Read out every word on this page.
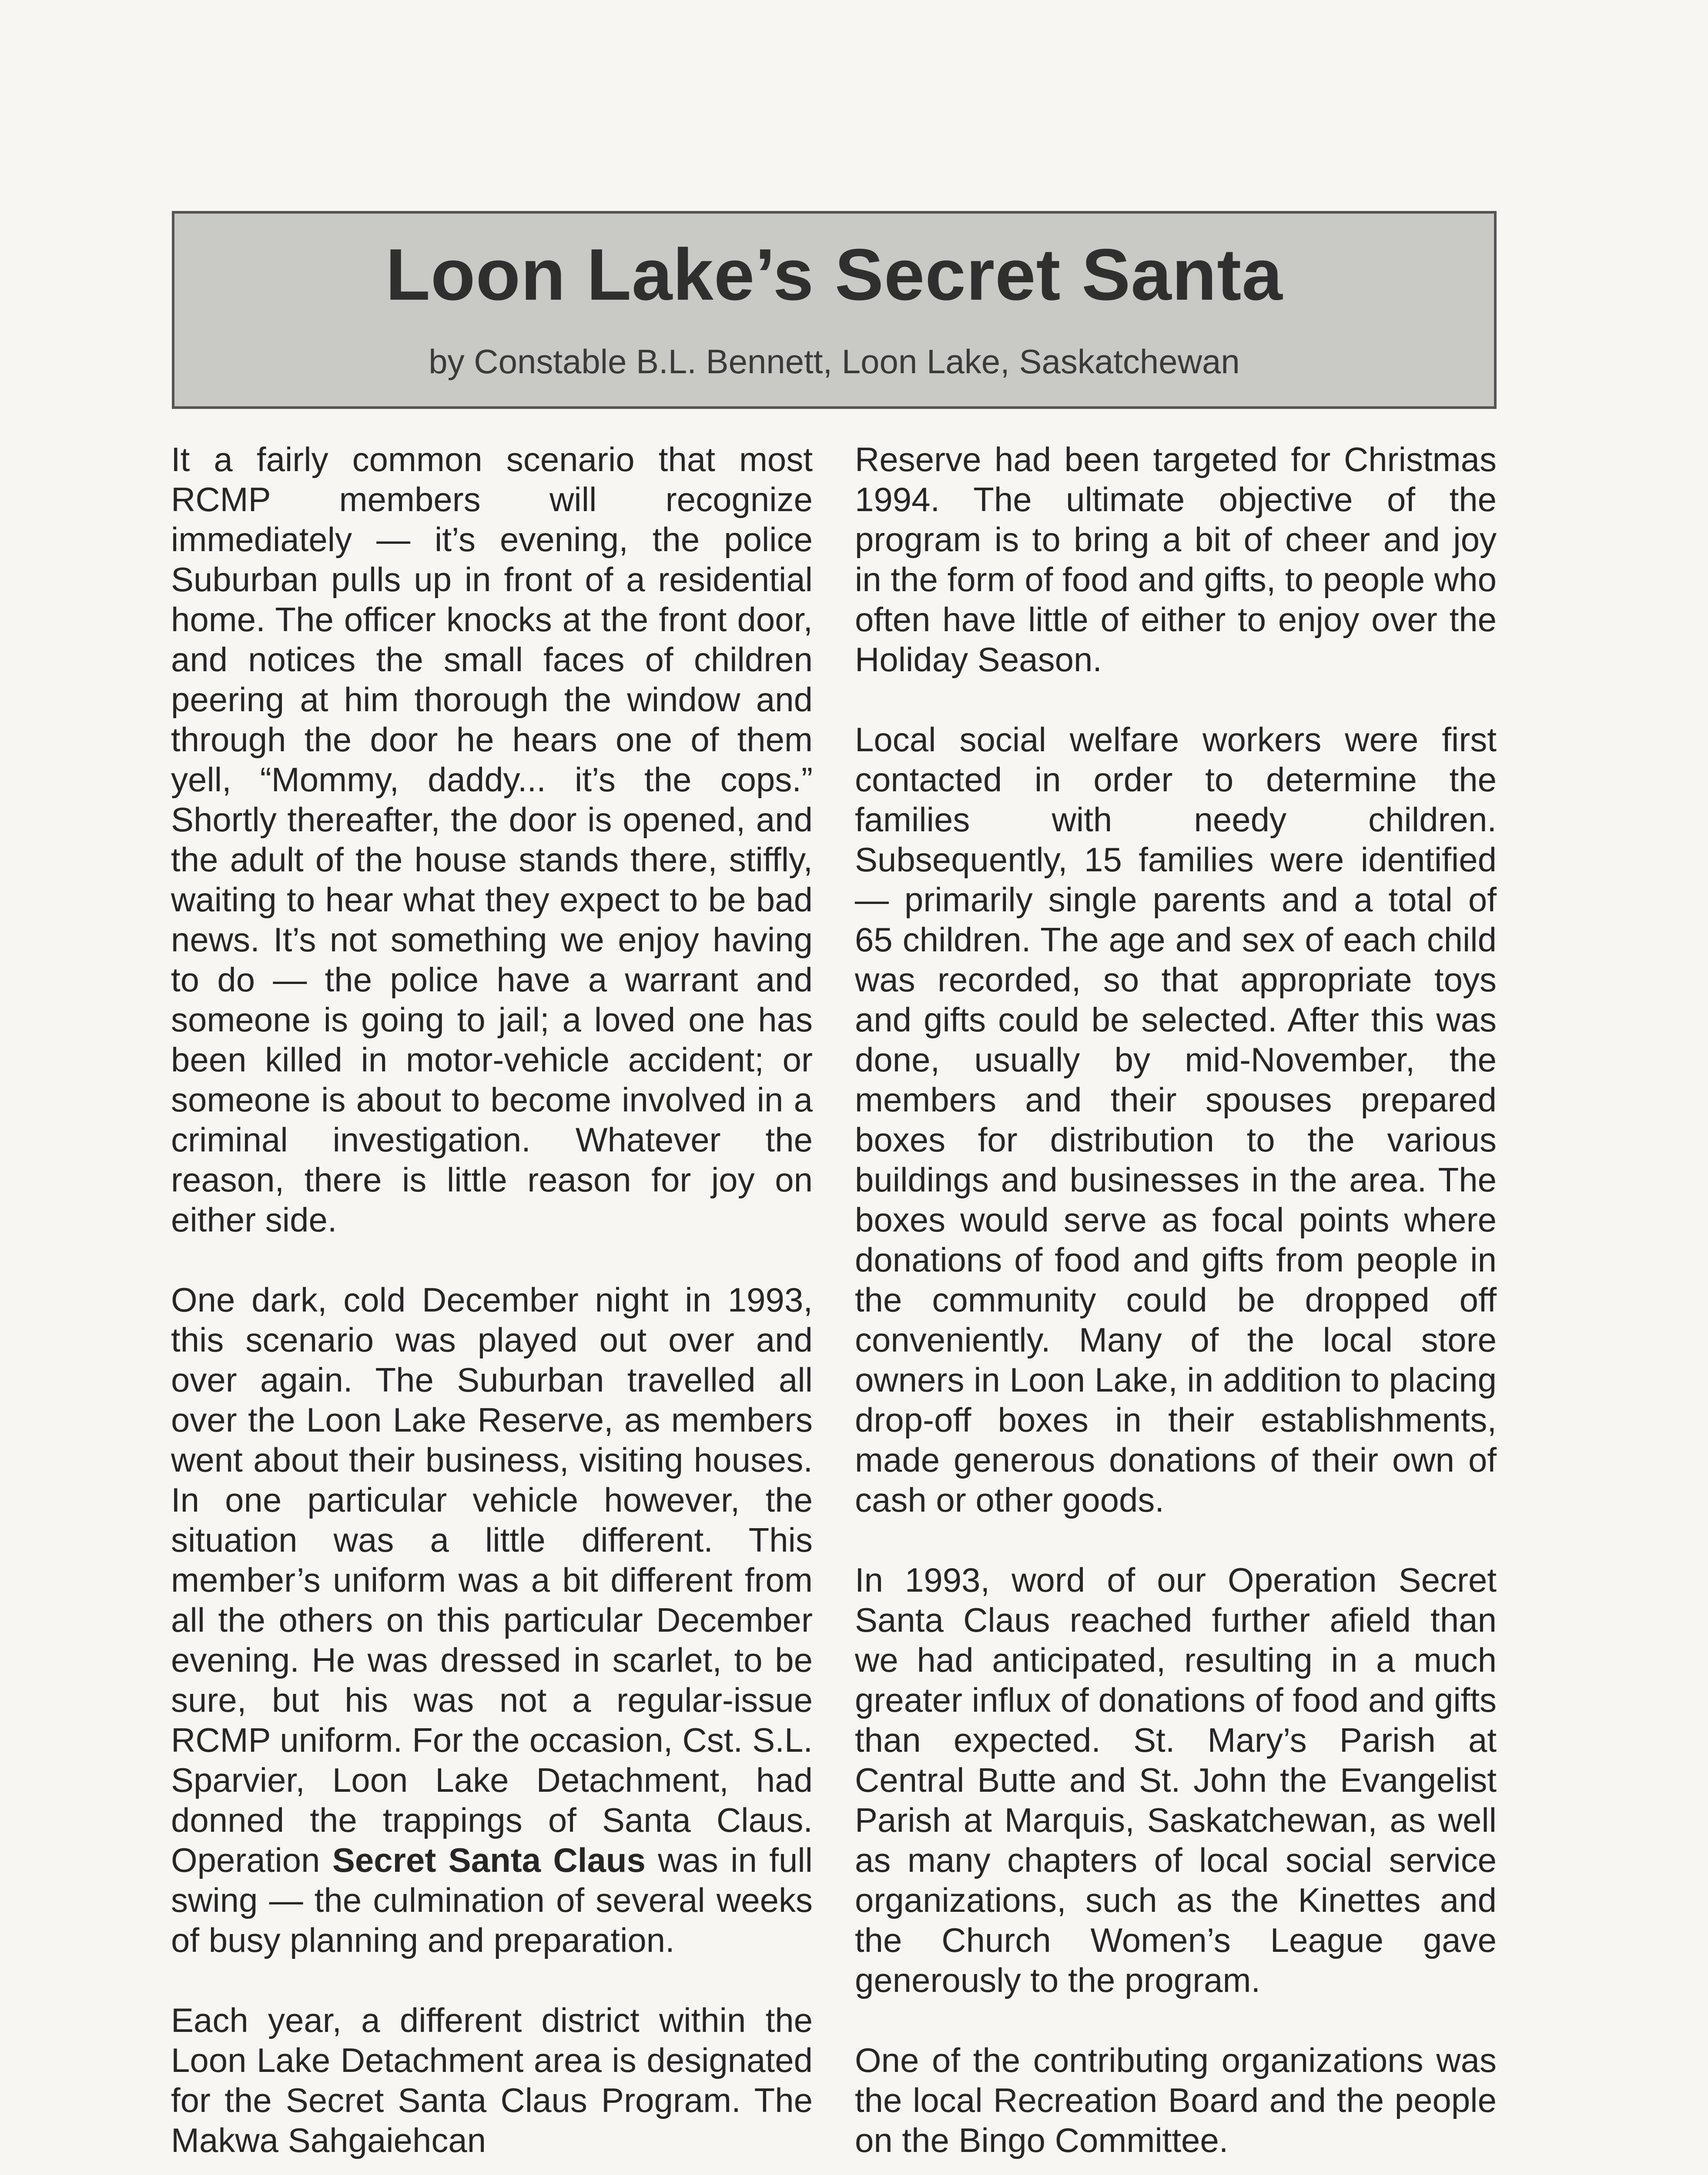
Loon Lake’s Secret Santa
by Constable B.L. Bennett, Loon Lake, Saskatchewan

It a fairly common scenario that most RCMP members will recognize immediately — it’s evening, the police Suburban pulls up in front of a residential home. The officer knocks at the front door, and notices the small faces of children peering at him thorough the window and through the door he hears one of them yell, “Mommy, daddy... it’s the cops.” Shortly thereafter, the door is opened, and the adult of the house stands there, stiffly, waiting to hear what they expect to be bad news. It’s not something we enjoy having to do — the police have a warrant and someone is going to jail; a loved one has been killed in motor-vehicle accident; or someone is about to become involved in a criminal investigation. Whatever the reason, there is little reason for joy on either side.

One dark, cold December night in 1993, this scenario was played out over and over again. The Suburban travelled all over the Loon Lake Reserve, as members went about their business, visiting houses. In one particular vehicle however, the situation was a little different. This member’s uniform was a bit different from all the others on this particular December evening. He was dressed in scarlet, to be sure, but his was not a regular-issue RCMP uniform. For the occasion, Cst. S.L. Sparvier, Loon Lake Detachment, had donned the trappings of Santa Claus. Operation Secret Santa Claus was in full swing — the culmination of several weeks of busy planning and preparation.

Each year, a different district within the Loon Lake Detachment area is designated for the Secret Santa Claus Program. The Makwa Sahgaiehcan

Reserve had been targeted for Christmas 1994. The ultimate objective of the program is to bring a bit of cheer and joy in the form of food and gifts, to people who often have little of either to enjoy over the Holiday Season.

Local social welfare workers were first contacted in order to determine the families with needy children. Subsequently, 15 families were identified — primarily single parents and a total of 65 children. The age and sex of each child was recorded, so that appropriate toys and gifts could be selected. After this was done, usually by mid-November, the members and their spouses prepared boxes for distribution to the various buildings and businesses in the area. The boxes would serve as focal points where donations of food and gifts from people in the community could be dropped off conveniently. Many of the local store owners in Loon Lake, in addition to placing drop-off boxes in their establishments, made generous donations of their own of cash or other goods.

In 1993, word of our Operation Secret Santa Claus reached further afield than we had anticipated, resulting in a much greater influx of donations of food and gifts than expected. St. Mary’s Parish at Central Butte and St. John the Evangelist Parish at Marquis, Saskatchewan, as well as many chapters of local social service organizations, such as the Kinettes and the Church Women’s League gave generously to the program.

One of the contributing organizations was the local Recreation Board and the people on the Bingo Committee.
